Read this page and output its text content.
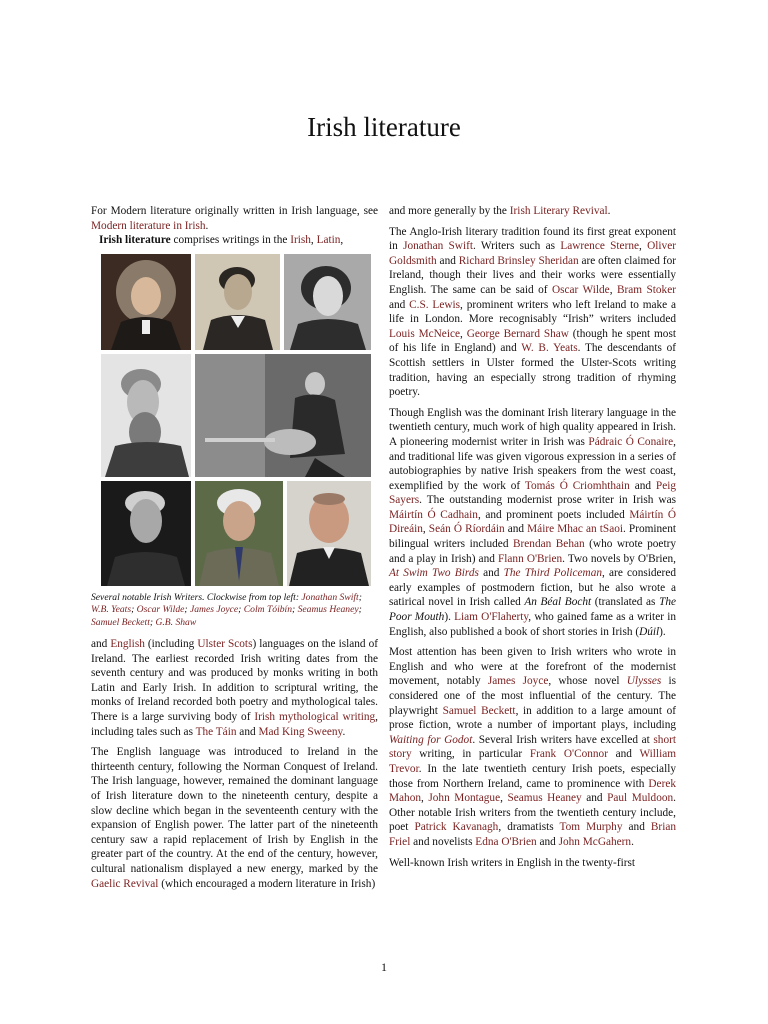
Irish literature

For Modern literature originally written in Irish language, see Modern literature in Irish.

Irish literature comprises writings in the Irish, Latin,

Several notable Irish Writers. Clockwise from top left: Jonathan Swift; W.B. Yeats; Oscar Wilde; James Joyce; Colm Tóibín; Seamus Heaney; Samuel Beckett; G.B. Shaw

and English (including Ulster Scots) languages on the island of Ireland. The earliest recorded Irish writing dates from the seventh century and was produced by monks writing in both Latin and Early Irish. In addition to scriptural writing, the monks of Ireland recorded both poetry and mythological tales. There is a large surviving body of Irish mythological writing, including tales such as The Táin and Mad King Sweeny.

The English language was introduced to Ireland in the thirteenth century, following the Norman Conquest of Ireland. The Irish language, however, remained the dominant language of Irish literature down to the nineteenth century, despite a slow decline which began in the seventeenth century with the expansion of English power. The latter part of the nineteenth century saw a rapid replacement of Irish by English in the greater part of the country. At the end of the century, however, cultural nationalism displayed a new energy, marked by the Gaelic Revival (which encouraged a modern literature in Irish)

and more generally by the Irish Literary Revival.

The Anglo-Irish literary tradition found its first great exponent in Jonathan Swift. Writers such as Lawrence Sterne, Oliver Goldsmith and Richard Brinsley Sheridan are often claimed for Ireland, though their lives and their works were essentially English. The same can be said of Oscar Wilde, Bram Stoker and C.S. Lewis, prominent writers who left Ireland to make a life in London. More recognisably “Irish” writers included Louis McNeice, George Bernard Shaw (though he spent most of his life in England) and W. B. Yeats. The descendants of Scottish settlers in Ulster formed the Ulster-Scots writing tradition, having an especially strong tradition of rhyming poetry.

Though English was the dominant Irish literary language in the twentieth century, much work of high quality appeared in Irish. A pioneering modernist writer in Irish was Pádraic Ó Conaire, and traditional life was given vigorous expression in a series of autobiographies by native Irish speakers from the west coast, exemplified by the work of Tomás Ó Criomhthain and Peig Sayers. The outstanding modernist prose writer in Irish was Máirtín Ó Cadhain, and prominent poets included Máirtín Ó Direáin, Seán Ó Ríordáin and Máire Mhac an tSaoi. Prominent bilingual writers included Brendan Behan (who wrote poetry and a play in Irish) and Flann O'Brien. Two novels by O'Brien, At Swim Two Birds and The Third Policeman, are considered early examples of postmodern fiction, but he also wrote a satirical novel in Irish called An Béal Bocht (translated as The Poor Mouth). Liam O'Flaherty, who gained fame as a writer in English, also published a book of short stories in Irish (Dúil).

Most attention has been given to Irish writers who wrote in English and who were at the forefront of the modernist movement, notably James Joyce, whose novel Ulysses is considered one of the most influential of the century. The playwright Samuel Beckett, in addition to a large amount of prose fiction, wrote a number of important plays, including Waiting for Godot. Several Irish writers have excelled at short story writing, in particular Frank O'Connor and William Trevor. In the late twentieth century Irish poets, especially those from Northern Ireland, came to prominence with Derek Mahon, John Montague, Seamus Heaney and Paul Muldoon. Other notable Irish writers from the twentieth century include, poet Patrick Kavanagh, dramatists Tom Murphy and Brian Friel and novelists Edna O'Brien and John McGahern.

Well-known Irish writers in English in the twenty-first

1
